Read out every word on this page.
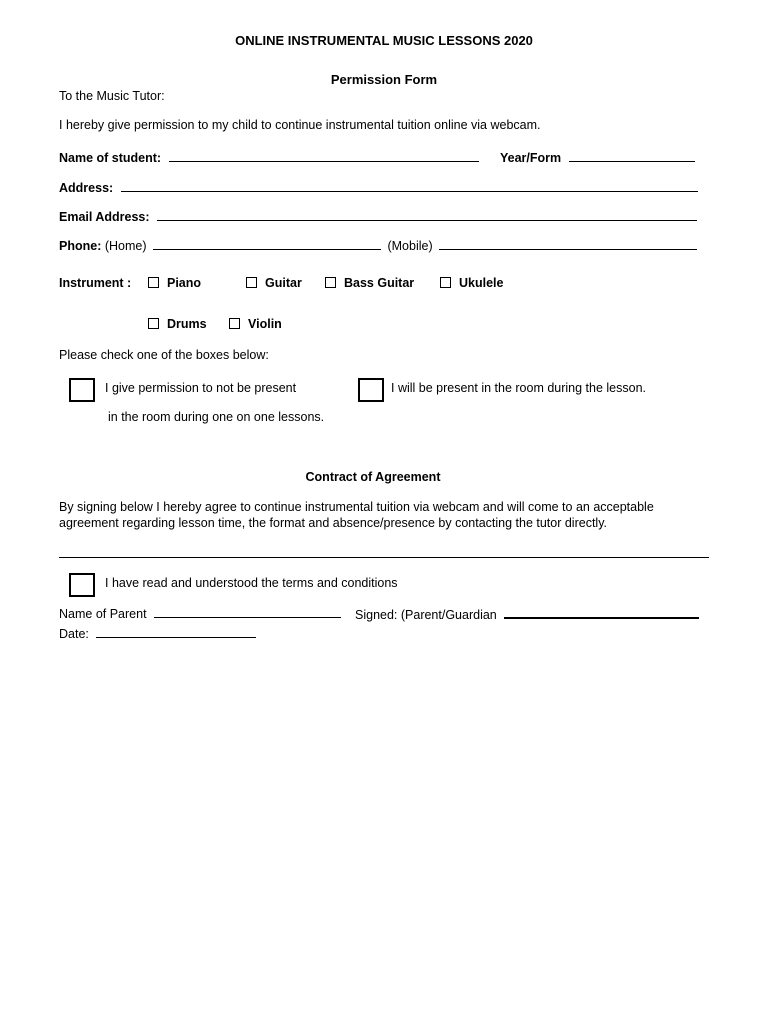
ONLINE INSTRUMENTAL MUSIC LESSONS 2020
Permission Form
To the Music Tutor:
I hereby give permission to my child to continue instrumental tuition online via webcam.
Name of student:	Year/Form
Address:
Email Address:
Phone: (Home)	(Mobile)
Instrument :	Piano	Guitar	Bass Guitar	Ukulele
Drums	Violin
Please check one of the boxes below:
I give permission to not be present
in the room during one on one lessons.
I will be present in the room during the lesson.
Contract of Agreement
By signing below I hereby agree to continue instrumental tuition via webcam and will come to an acceptable
agreement regarding lesson time, the format and absence/presence by contacting the tutor directly.
I have read and understood the terms and conditions
Name of Parent	Signed: (Parent/Guardian
Date:
